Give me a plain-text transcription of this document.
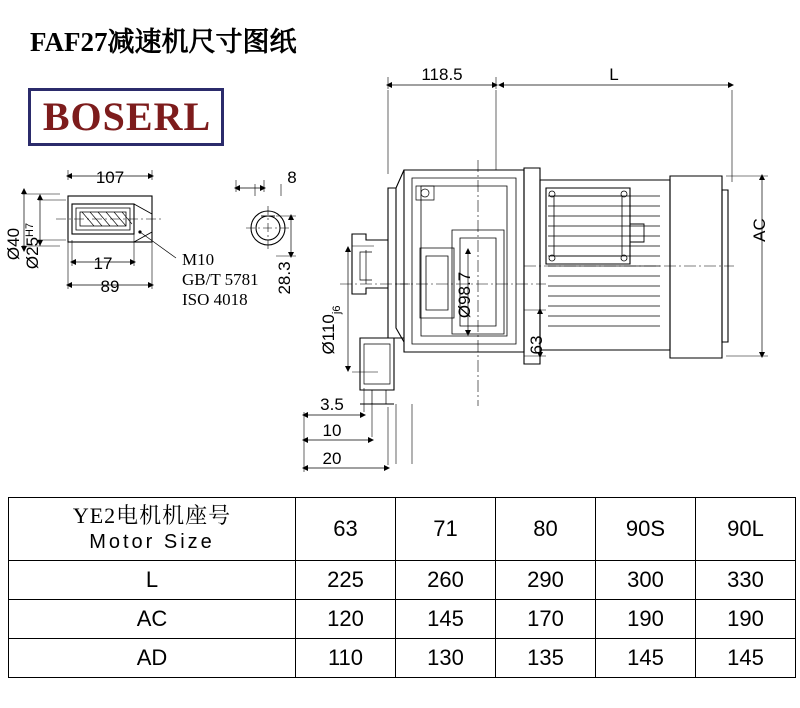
FAF27减速机尺寸图纸
BOSERL
118.5	L
8
107
17
89
Ø40 $Ø25^{H7}$
28.3
AC
63
Ø98.7
$Ø110_{j6}$
3.5
10
20
M10
GB/T 5781
ISO 4018
YE2电机机座号
Motor Size	63	71	80	90S	90L
L	225	260	290	300	330
AC	120	145	170	190	190
AD	110	130	135	145	145
